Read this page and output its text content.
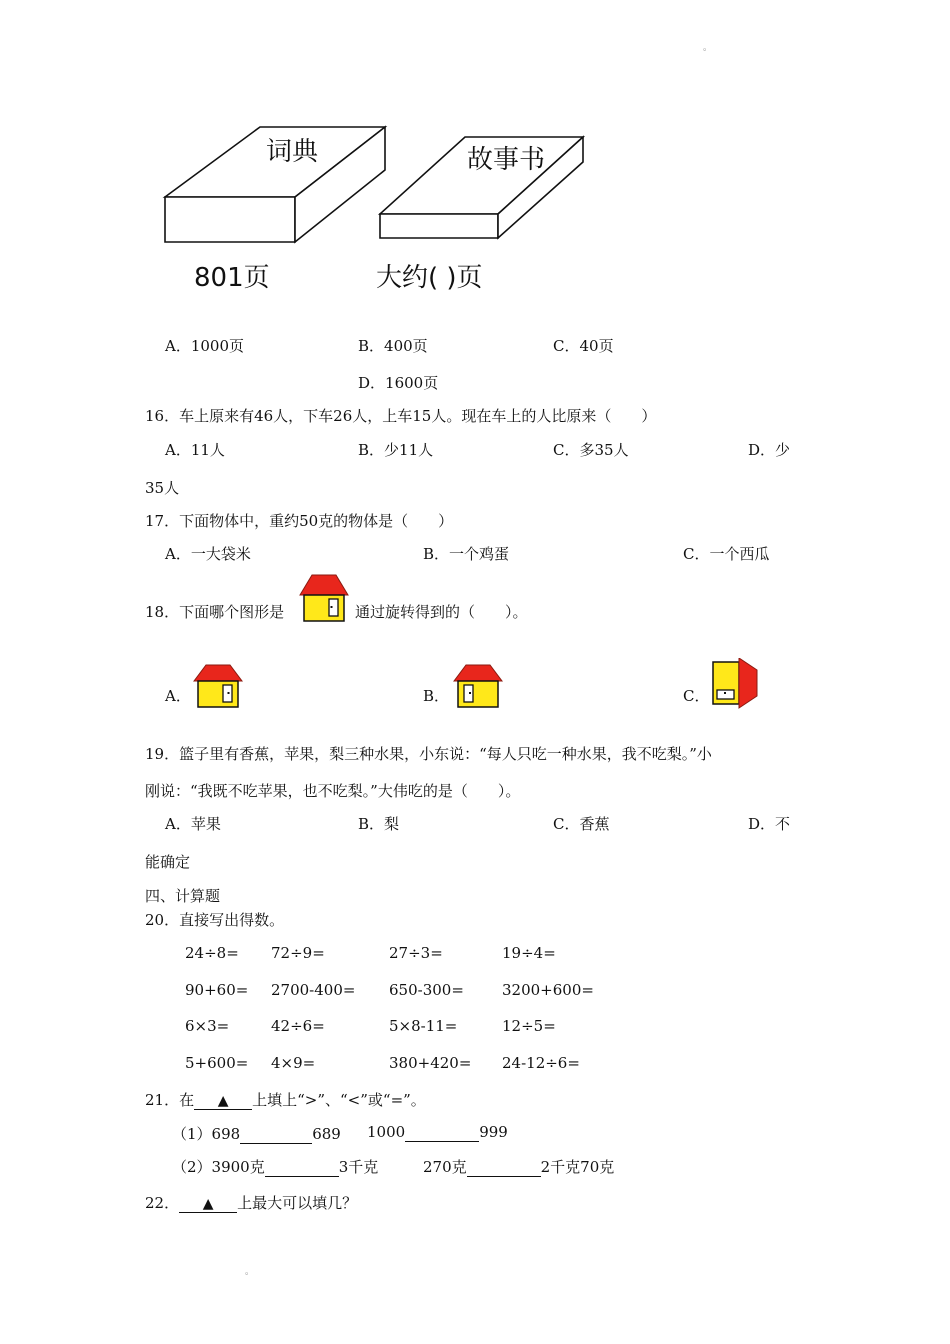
。
词典	故事书
801页	大约( )页
A．1000页	B．400页	C．40页
D．1600页
16．车上原来有46人，下车26人，上车15人。现在车上的人比原来（　　）
A．11人	B．少11人	C．多35人	D．少
35人
17．下面物体中，重约50克的物体是（　　）
A．一大袋米	B．一个鸡蛋	C．一个西瓜
18．下面哪个图形是	通过旋转得到的（　　）。
A．	B．	C．
19．篮子里有香蕉，苹果，梨三种水果，小东说：“每人只吃一种水果，我不吃梨。”小
刚说：“我既不吃苹果，也不吃梨。”大伟吃的是（　　）。
A．苹果	B．梨	C．香蕉	D．不
能确定
四、计算题
20．直接写出得数。
24÷8= 72÷9=	27÷3=	19÷4=
90+60= 2700-400= 650-300=	3200+600=
6×3=	42÷6=	5×8-11=	12÷5=
5+600= 4×9=	380+420= 24-12÷6=
21．在 ▲ 上填上“>”、“<”或“=”。
（1）698	689 1000	999
（2）3900克	3千克	270克	2千克70克
22． ▲ 上最大可以填几？
。
